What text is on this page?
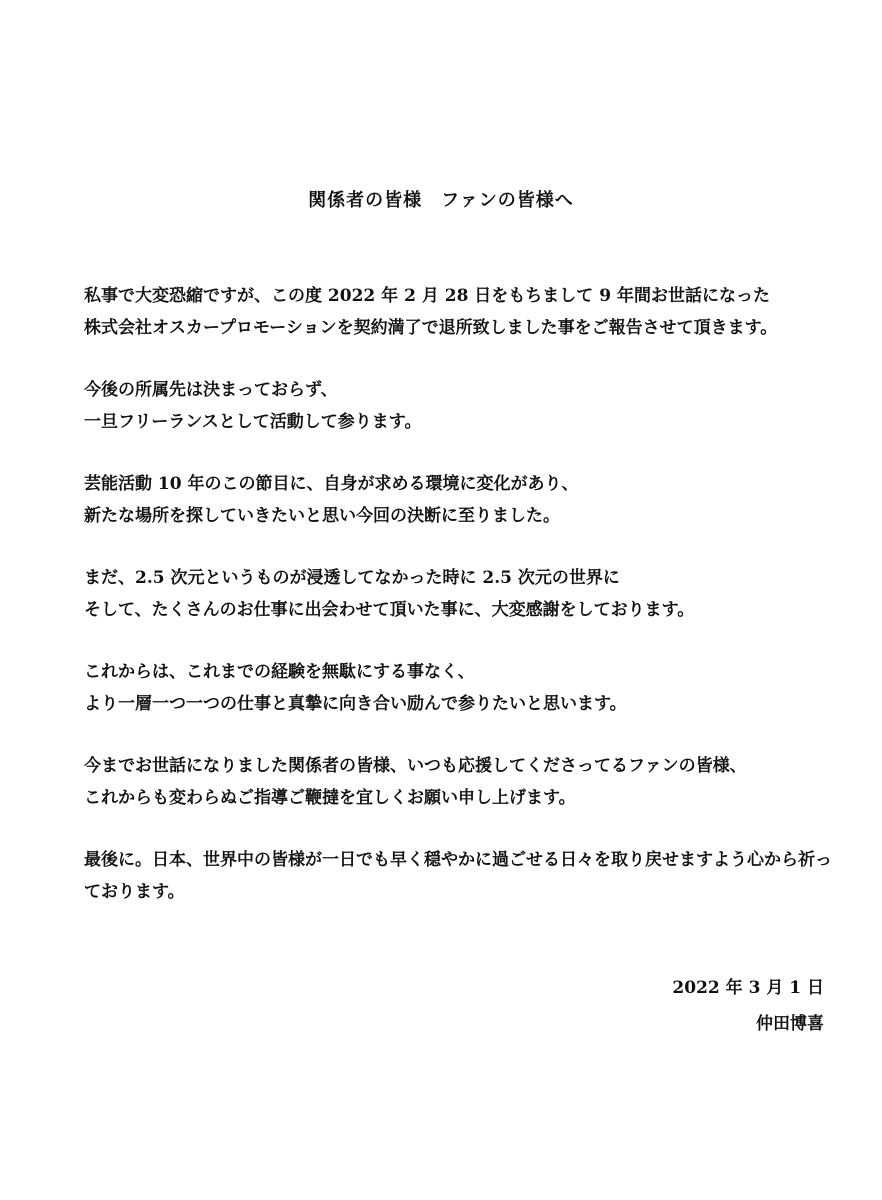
関係者の皆様　ファンの皆様へ
私事で大変恐縮ですが、この度 2022 年 2 月 28 日をもちまして 9 年間お世話になった
株式会社オスカープロモーションを契約満了で退所致しました事をご報告させて頂きます。
今後の所属先は決まっておらず、
一旦フリーランスとして活動して参ります。
芸能活動 10 年のこの節目に、自身が求める環境に変化があり、
新たな場所を探していきたいと思い今回の決断に至りました。
まだ、2.5 次元というものが浸透してなかった時に 2.5 次元の世界に
そして、たくさんのお仕事に出会わせて頂いた事に、大変感謝をしております。
これからは、これまでの経験を無駄にする事なく、
より一層一つ一つの仕事と真摯に向き合い励んで参りたいと思います。
今までお世話になりました関係者の皆様、いつも応援してくださってるファンの皆様、
これからも変わらぬご指導ご鞭撻を宜しくお願い申し上げます。
最後に。日本、世界中の皆様が一日でも早く穏やかに過ごせる日々を取り戻せますよう心から祈っ
ております。
2022 年 3 月 1 日
仲田博喜
